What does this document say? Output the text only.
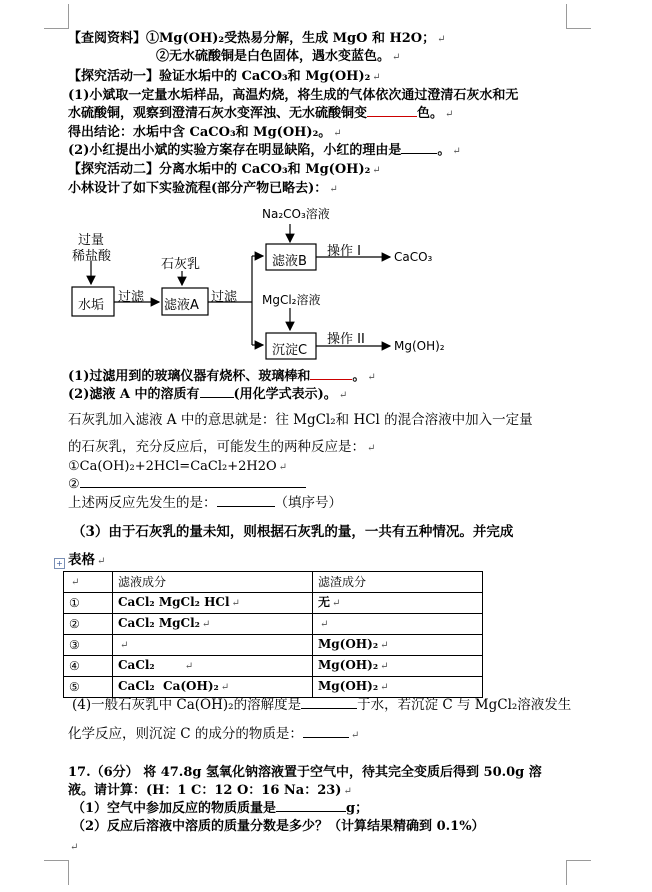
【查阅资料】①Mg(OH)₂受热易分解，生成 MgO 和 H2O； ↵
②无水硫酸铜是白色固体，遇水变蓝色。 ↵
【探究活动一】验证水垢中的 CaCO₃和 Mg(OH)₂ ↵
(1)小斌取一定量水垢样品，高温灼烧，将生成的气体依次通过澄清石灰水和无
水硫酸铜，观察到澄清石灰水变浑浊、无水硫酸铜变	色。 ↵
得出结论：水垢中含 CaCO₃和 Mg(OH)₂。 ↵
(2)小红提出小斌的实验方案存在明显缺陷，小红的理由是	。 ↵
【探究活动二】分离水垢中的 CaCO₃和 Mg(OH)₂ ↵
小林设计了如下实验流程(部分产物已略去)： ↵
过量
稀盐酸
石灰乳
水垢
过滤
滤液A
过滤
Na₂CO₃溶液
滤液B
操作 I	CaCO₃
MgCl₂溶液
沉淀C
操作 II Mg(OH)₂
(1)过滤用到的玻璃仪器有烧杯、玻璃棒和	。 ↵
(2)滤液 A 中的溶质有	(用化学式表示)。 ↵
石灰乳加入滤液 A 中的意思就是：往 MgCl₂和 HCl 的混合溶液中加入一定量
的石灰乳，充分反应后，可能发生的两种反应是： ↵
①Ca(OH)₂+2HCl=CaCl₂+2H2O ↵
②
上述两反应先发生的是：	（填序号）
（3）由于石灰乳的量未知，则根据石灰乳的量，一共有五种情况。并完成
+ 表格 ↵
↵	滤液成分	滤渣成分
①	CaCl₂ MgCl₂ HCl ↵	无 ↵
②	CaCl₂ MgCl₂ ↵	↵
③	↵	Mg(OH)₂ ↵
④	CaCl₂ ↵	Mg(OH)₂ ↵
⑤	CaCl₂  Ca(OH)₂ ↵	Mg(OH)₂ ↵
(4)一般石灰乳中 Ca(OH)₂的溶解度是	于水，若沉淀 C 与 MgCl₂溶液发生
化学反应，则沉淀 C 的成分的物质是：	↵
17.（6分） 将 47.8g 氢氧化钠溶液置于空气中，待其完全变质后得到 50.0g 溶
液。请计算：(H：1 C：12 O：16 Na：23) ↵
（1）空气中参加反应的物质质量是	g；
（2）反应后溶液中溶质的质量分数是多少？（计算结果精确到 0.1%）
↵
